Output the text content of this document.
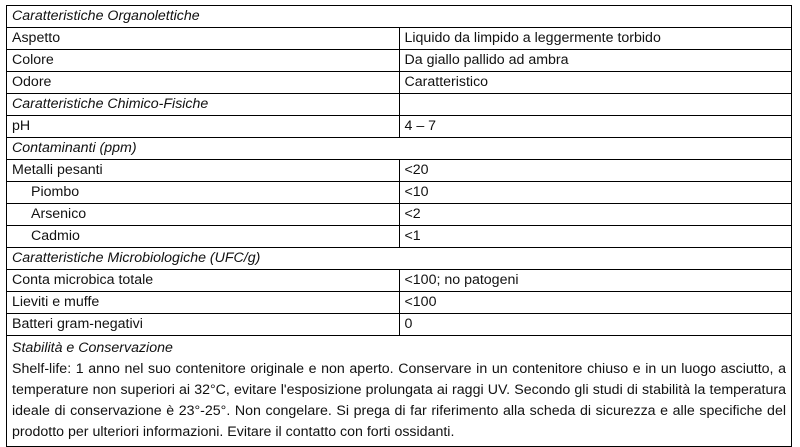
Caratteristiche Organolettiche	
Aspetto	Liquido da limpido a leggermente torbido
Colore	Da giallo pallido ad ambra
Odore	Caratteristico
Caratteristiche Chimico-Fisiche	
pH	4 – 7
Contaminanti (ppm)	
Metalli pesanti	<20
Piombo	<10
Arsenico	<2
Cadmio	<1
Caratteristiche Microbiologiche (UFC/g)	
Conta microbica totale	<100; no patogeni
Lieviti e muffe	<100
Batteri gram-negativi	0

Stabilità e Conservazione
Shelf-life: 1 anno nel suo contenitore originale e non aperto. Conservare in un contenitore chiuso e in un luogo asciutto, a temperature non superiori ai 32°C, evitare l'esposizione prolungata ai raggi UV. Secondo gli studi di stabilità la temperatura ideale di conservazione è 23°-25°. Non congelare. Si prega di far riferimento alla scheda di sicurezza e alle specifiche del prodotto per ulteriori informazioni. Evitare il contatto con forti ossidanti.	
